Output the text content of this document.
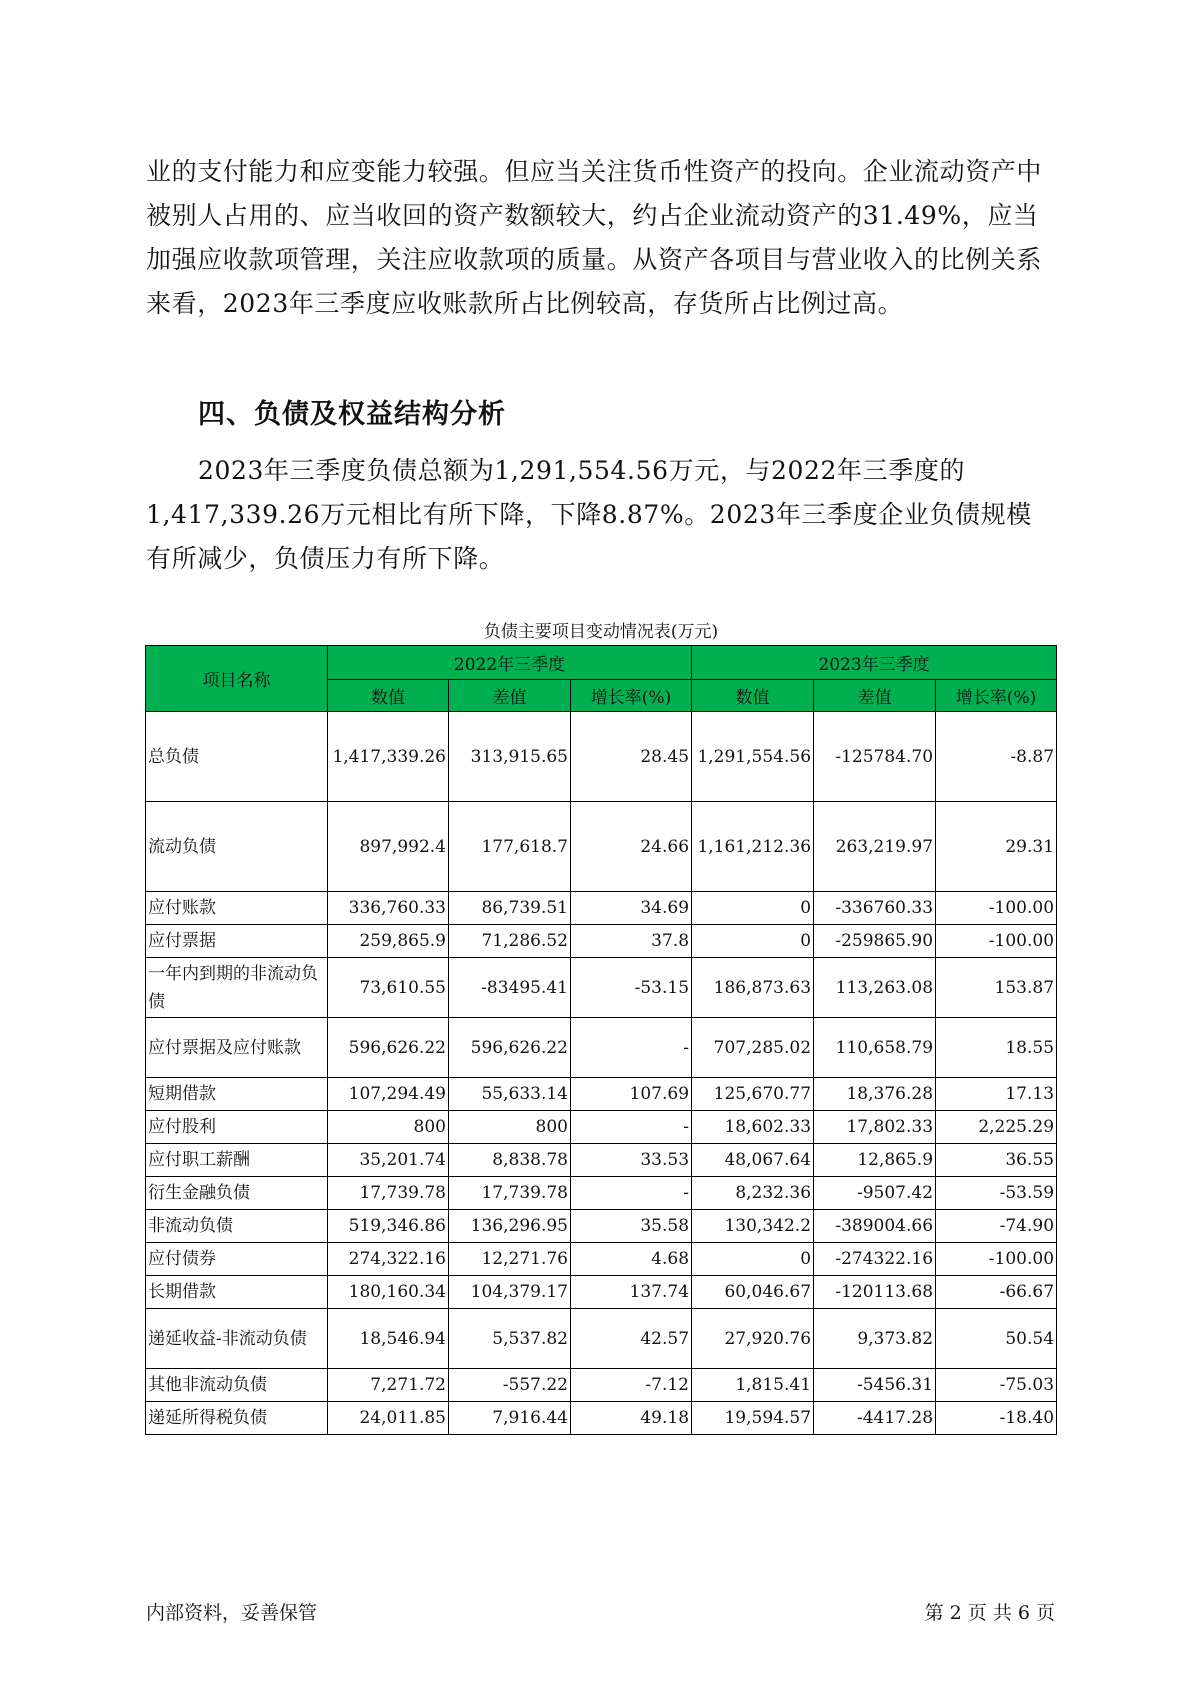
业的支付能力和应变能力较强。但应当关注货币性资产的投向。企业流动资产中被别人占用的、应当收回的资产数额较大，约占企业流动资产的31.49%，应当加强应收款项管理，关注应收款项的质量。从资产各项目与营业收入的比例关系来看，2023年三季度应收账款所占比例较高，存货所占比例过高。
四、负债及权益结构分析
2023年三季度负债总额为1,291,554.56万元，与2022年三季度的1,417,339.26万元相比有所下降，下降8.87%。2023年三季度企业负债规模有所减少，负债压力有所下降。
负债主要项目变动情况表(万元)
项目名称	2022年三季度			2023年三季度		
	数值	差值	增长率(%)	数值	差值	增长率(%)
总负债	1,417,339.26	313,915.65	28.45	1,291,554.56	-125784.70	-8.87
流动负债	897,992.4	177,618.7	24.66	1,161,212.36	263,219.97	29.31
应付账款	336,760.33	86,739.51	34.69	0	-336760.33	-100.00
应付票据	259,865.9	71,286.52	37.8	0	-259865.90	-100.00
一年内到期的非流动负债	73,610.55	-83495.41	-53.15	186,873.63	113,263.08	153.87
应付票据及应付账款	596,626.22	596,626.22	-	707,285.02	110,658.79	18.55
短期借款	107,294.49	55,633.14	107.69	125,670.77	18,376.28	17.13
应付股利	800	800	-	18,602.33	17,802.33	2,225.29
应付职工薪酬	35,201.74	8,838.78	33.53	48,067.64	12,865.9	36.55
衍生金融负债	17,739.78	17,739.78	-	8,232.36	-9507.42	-53.59
非流动负债	519,346.86	136,296.95	35.58	130,342.2	-389004.66	-74.90
应付债券	274,322.16	12,271.76	4.68	0	-274322.16	-100.00
长期借款	180,160.34	104,379.17	137.74	60,046.67	-120113.68	-66.67
递延收益-非流动负债	18,546.94	5,537.82	42.57	27,920.76	9,373.82	50.54
其他非流动负债	7,271.72	-557.22	-7.12	1,815.41	-5456.31	-75.03
递延所得税负债	24,011.85	7,916.44	49.18	19,594.57	-4417.28	-18.40
内部资料，妥善保管	第 2 页 共 6 页
